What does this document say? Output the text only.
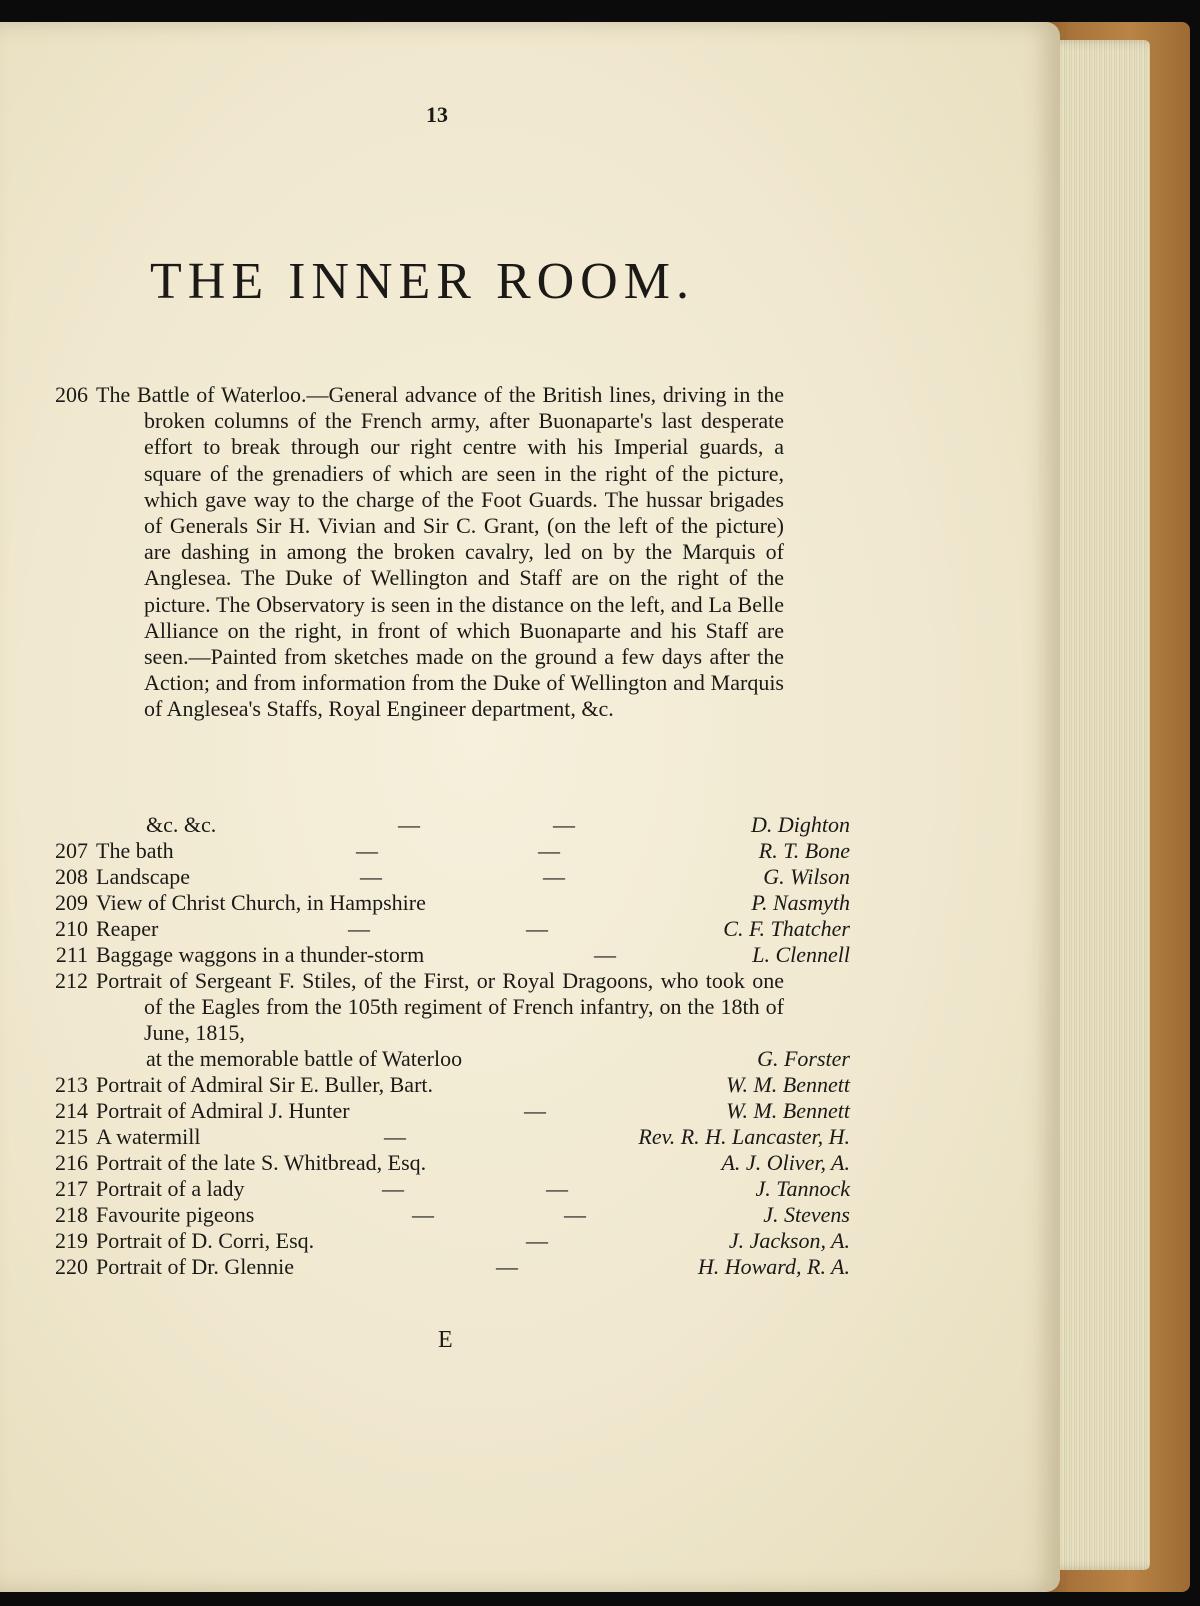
13
THE INNER ROOM.
206 The Battle of Waterloo.—General advance of the British lines, driving in the broken columns of the French army, after Buonaparte's last desperate effort to break through our right centre with his Imperial guards, a square of the grenadiers of which are seen in the right of the picture, which gave way to the charge of the Foot Guards. The hussar brigades of Generals Sir H. Vivian and Sir C. Grant, (on the left of the picture) are dashing in among the broken cavalry, led on by the Marquis of Anglesea. The Duke of Wellington and Staff are on the right of the picture. The Observatory is seen in the distance on the left, and La Belle Alliance on the right, in front of which Buonaparte and his Staff are seen.—Painted from sketches made on the ground a few days after the Action; and from information from the Duke of Wellington and Marquis of Anglesea's Staffs, Royal Engineer department, &c.
&c. &c.	—	—	D. Dighton
207 The bath	—	—	R. T. Bone
208 Landscape	—	—	G. Wilson
209 View of Christ Church, in Hampshire	P. Nasmyth
210 Reaper	—	—	C. F. Thatcher
211 Baggage waggons in a thunder-storm	—	L. Clennell
212 Portrait of Sergeant F. Stiles, of the First, or Royal Dragoons, who took one of the Eagles from the 105th regiment of French infantry, on the 18th of June, 1815,
at the memorable battle of Waterloo	G. Forster
213 Portrait of Admiral Sir E. Buller, Bart.	W. M. Bennett
214 Portrait of Admiral J. Hunter	—	W. M. Bennett
215 A watermill	—	Rev. R. H. Lancaster, H.
216 Portrait of the late S. Whitbread, Esq.	A. J. Oliver, A.
217 Portrait of a lady	—	—	J. Tannock
218 Favourite pigeons	—	—	J. Stevens
219 Portrait of D. Corri, Esq.	—	J. Jackson, A.
220 Portrait of Dr. Glennie	—	H. Howard, R. A.
E
